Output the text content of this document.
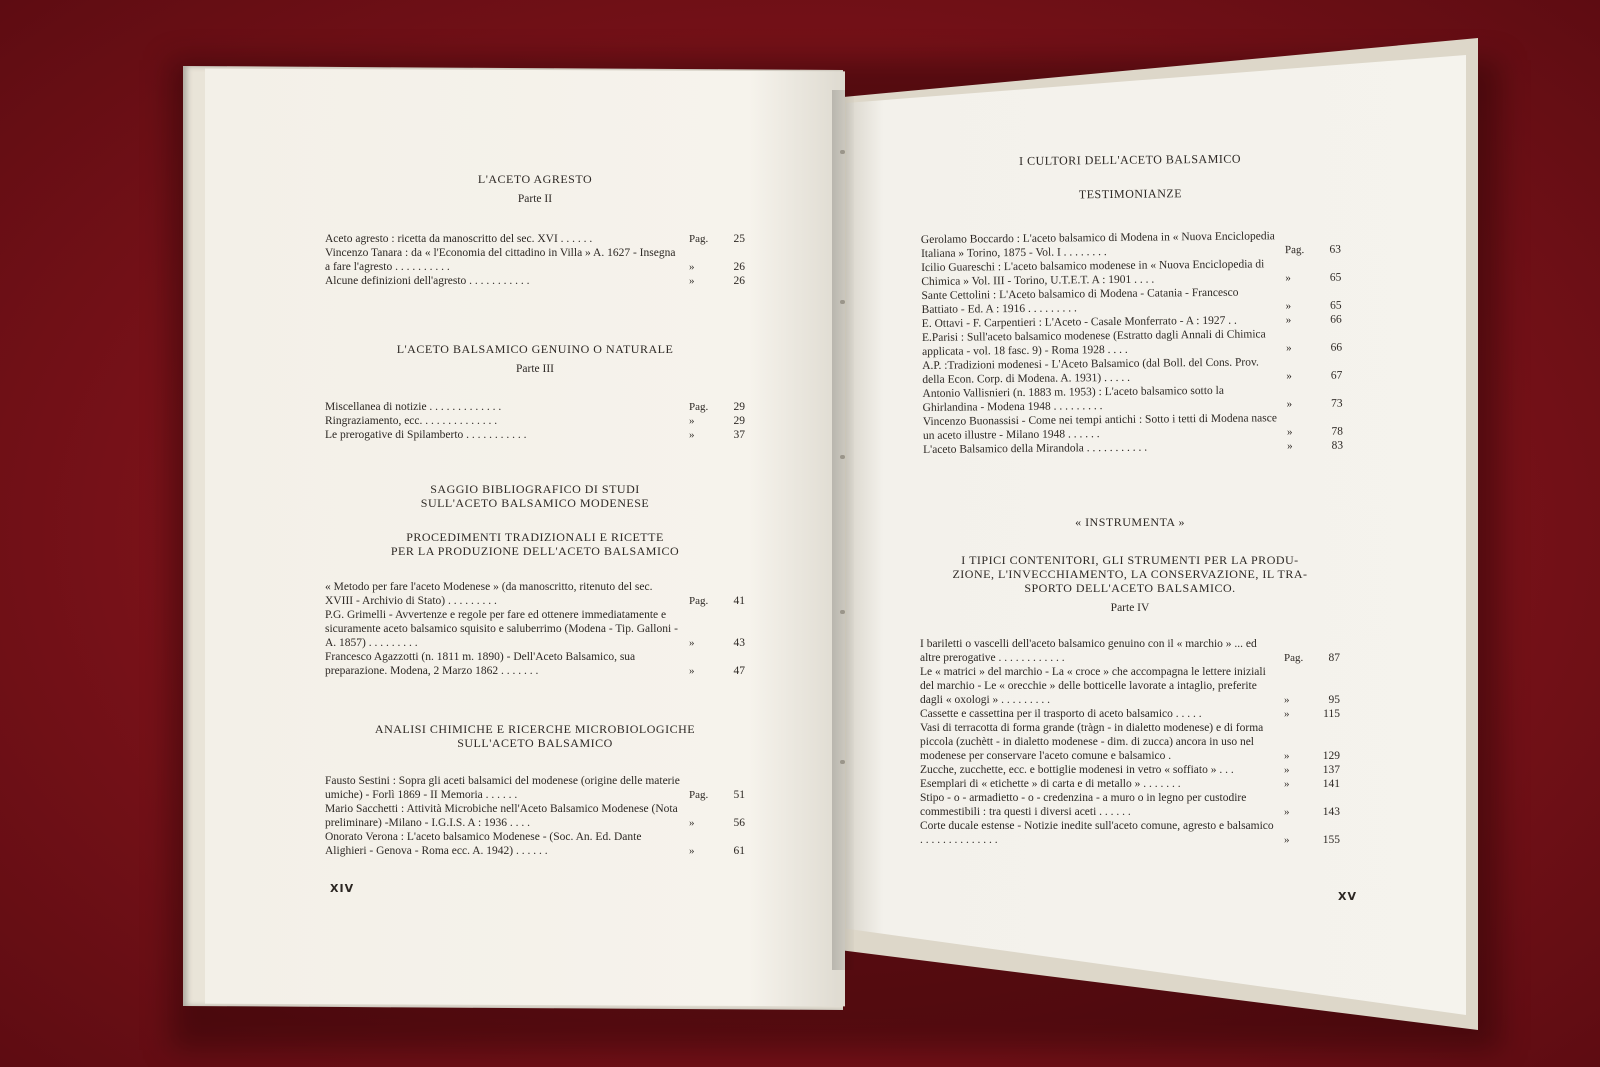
L'ACETO AGRESTO
Parte II
Aceto agresto : ricetta da manoscritto del sec. XVI . . . . . .	Pag.	25
Vincenzo Tanara : da « l'Economia del cittadino in Villa » A. 1627 - Insegna a fare l'agresto . . . . . . . . . .	»	26
Alcune definizioni dell'agresto . . . . . . . . . . .	»	26
L'ACETO BALSAMICO GENUINO O NATURALE
Parte III
Miscellanea di notizie . . . . . . . . . . . . .	Pag.	29
Ringraziamento, ecc. . . . . . . . . . . . . .	»	29
Le prerogative di Spilamberto . . . . . . . . . . .	»	37
SAGGIO BIBLIOGRAFICO DI STUDI
SULL'ACETO BALSAMICO MODENESE
PROCEDIMENTI TRADIZIONALI E RICETTE
PER LA PRODUZIONE DELL'ACETO BALSAMICO
« Metodo per fare l'aceto Modenese » (da manoscritto, ritenuto del sec. XVIII - Archivio di Stato) . . . . . . . . .	Pag.	41
P.G. Grimelli - Avvertenze e regole per fare ed ottenere immediatamente e sicuramente aceto balsamico squisito e saluberrimo (Modena - Tip. Galloni - A. 1857) . . . . . . . . .	»	43
Francesco Agazzotti (n. 1811 m. 1890) - Dell'Aceto Balsamico, sua preparazione. Modena, 2 Marzo 1862 . . . . . . .	»	47
ANALISI CHIMICHE E RICERCHE MICROBIOLOGICHE
SULL'ACETO BALSAMICO
Fausto Sestini : Sopra gli aceti balsamici del modenese (origine delle materie umiche) - Forlì 1869 - II Memoria . . . . . .	Pag.	51
Mario Sacchetti : Attività Microbiche nell'Aceto Balsamico Modenese (Nota preliminare) -Milano - I.G.I.S. A : 1936 . . . .	»	56
Onorato Verona : L'aceto balsamico Modenese - (Soc. An. Ed. Dante Alighieri - Genova - Roma ecc. A. 1942) . . . . . .	»	61
XIV
I CULTORI DELL'ACETO BALSAMICO
TESTIMONIANZE
Gerolamo Boccardo : L'aceto balsamico di Modena in « Nuova Enciclopedia Italiana » Torino, 1875 - Vol. I . . . . . . . .	Pag.	63
Icilio Guareschi : L'aceto balsamico modenese in « Nuova Enciclopedia di Chimica » Vol. III - Torino, U.T.E.T. A : 1901 . . . .	»	65
Sante Cettolini : L'Aceto balsamico di Modena - Catania - Francesco Battiato - Ed. A : 1916 . . . . . . . . .	»	65
E. Ottavi - F. Carpentieri : L'Aceto - Casale Monferrato - A : 1927 . .	»	66
E.Parisi : Sull'aceto balsamico modenese (Estratto dagli Annali di Chimica applicata - vol. 18 fasc. 9) - Roma 1928 . . . .	»	66
A.P. :Tradizioni modenesi - L'Aceto Balsamico (dal Boll. del Cons. Prov. della Econ. Corp. di Modena. A. 1931) . . . . .	»	67
Antonio Vallisnieri (n. 1883 m. 1953) : L'aceto balsamico sotto la Ghirlandina - Modena 1948 . . . . . . . . .	»	73
Vincenzo Buonassisi - Come nei tempi antichi : Sotto i tetti di Modena nasce un aceto illustre - Milano 1948 . . . . . .	»	78
L'aceto Balsamico della Mirandola . . . . . . . . . . .	»	83
« INSTRUMENTA »
I TIPICI CONTENITORI, GLI STRUMENTI PER LA PRODU-
ZIONE, L'INVECCHIAMENTO, LA CONSERVAZIONE, IL TRA-
SPORTO DELL'ACETO BALSAMICO.
Parte IV
I bariletti o vascelli dell'aceto balsamico genuino con il « marchio » ... ed altre prerogative . . . . . . . . . . . .	Pag.	87
Le « matrici » del marchio - La « croce » che accompagna le lettere iniziali del marchio - Le « orecchie » delle botticelle lavorate a intaglio, preferite dagli « oxologi » . . . . . . . . .	»	95
Cassette e cassettina per il trasporto di aceto balsamico . . . . .	»	115
Vasi di terracotta di forma grande (tràgn - in dialetto modenese) e di forma piccola (zuchètt - in dialetto modenese - dim. di zucca) ancora in uso nel modenese per conservare l'aceto comune e balsamico .	»	129
Zucche, zucchette, ecc. e bottiglie modenesi in vetro « soffiato » . . .	»	137
Esemplari di « etichette » di carta e di metallo » . . . . . . .	»	141
Stipo - o - armadietto - o - credenzina - a muro o in legno per custodire commestibili : tra questi i diversi aceti . . . . . .	»	143
Corte ducale estense - Notizie inedite sull'aceto comune, agresto e balsamico . . . . . . . . . . . . . .	»	155
XV
